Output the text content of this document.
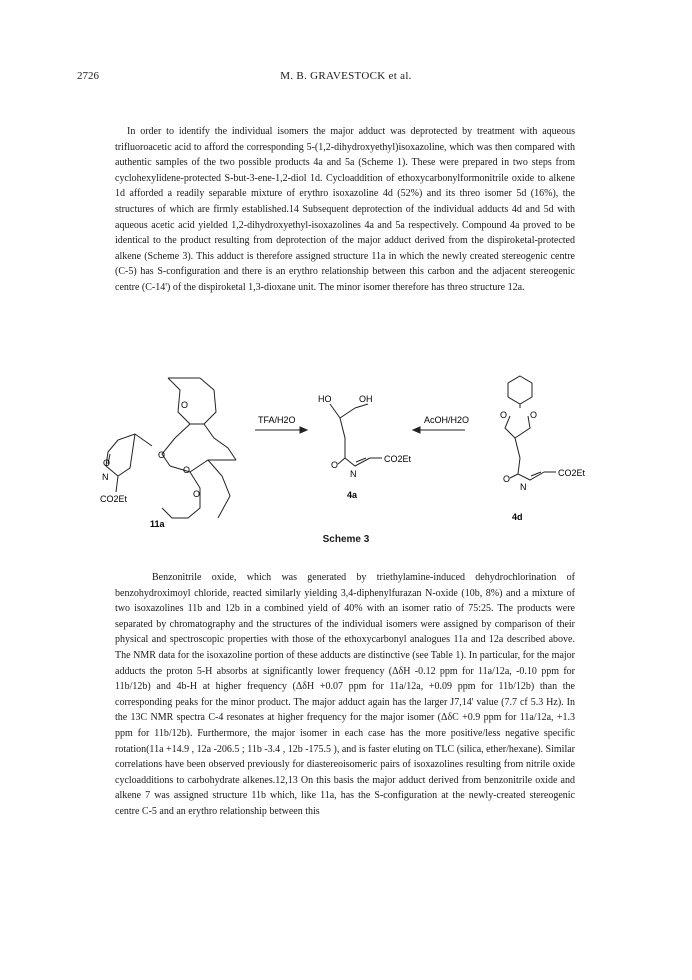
2726	M. B. GRAVESTOCK et al.

In order to identify the individual isomers the major adduct was deprotected by treatment with aqueous trifluoroacetic acid to afford the corresponding 5-(1,2-dihydroxyethyl)isoxazoline, which was then compared with authentic samples of the two possible products 4a and 5a (Scheme 1). These were prepared in two steps from cyclohexylidene-protected S-but-3-ene-1,2-diol 1d. Cycloaddition of ethoxycarbonylformonitrile oxide to alkene 1d afforded a readily separable mixture of erythro isoxazoline 4d (52%) and its threo isomer 5d (16%), the structures of which are firmly established.14 Subsequent deprotection of the individual adducts 4d and 5d with aqueous acetic acid yielded 1,2-dihydroxyethyl-isoxazolines 4a and 5a respectively. Compound 4a proved to be identical to the product resulting from deprotection of the major adduct derived from the dispiroketal-protected alkene (Scheme 3). This adduct is therefore assigned structure 11a in which the newly created stereogenic centre (C-5) has S-configuration and there is an erythro relationship between this carbon and the adjacent stereogenic centre (C-14') of the dispiroketal 1,3-dioxane unit. The minor isomer therefore has threo structure 12a.

O
O
O
O
O
N
CO2Et
TFA/H2O	AcOH/H2O
HO	OH
O
N
CO2Et
O	O
O
N
CO2Et
11a
4a
4d
Scheme 3

Benzonitrile oxide, which was generated by triethylamine-induced dehydrochlorination of benzohydroximoyl chloride, reacted similarly yielding 3,4-diphenylfurazan N-oxide (10b, 8%) and a mixture of two isoxazolines 11b and 12b in a combined yield of 40% with an isomer ratio of 75:25. The products were separated by chromatography and the structures of the individual isomers were assigned by comparison of their physical and spectroscopic properties with those of the ethoxycarbonyl analogues 11a and 12a described above. The NMR data for the isoxazoline portion of these adducts are distinctive (see Table 1). In particular, for the major adducts the proton 5-H absorbs at significantly lower frequency (ΔδH -0.12 ppm for 11a/12a, -0.10 ppm for 11b/12b) and 4b-H at higher frequency (ΔδH +0.07 ppm for 11a/12a, +0.09 ppm for 11b/12b) than the corresponding peaks for the minor product. The major adduct again has the larger J7,14' value (7.7 cf 5.3 Hz). In the 13C NMR spectra C-4 resonates at higher frequency for the major isomer (ΔδC +0.9 ppm for 11a/12a, +1.3 ppm for 11b/12b). Furthermore, the major isomer in each case has the more positive/less negative specific rotation(11a +14.9 , 12a -206.5 ; 11b -3.4 , 12b -175.5 ), and is faster eluting on TLC (silica, ether/hexane). Similar correlations have been observed previously for diastereoisomeric pairs of isoxazolines resulting from nitrile oxide cycloadditions to carbohydrate alkenes.12,13 On this basis the major adduct derived from benzonitrile oxide and alkene 7 was assigned structure 11b which, like 11a, has the S-configuration at the newly-created stereogenic centre C-5 and an erythro relationship between this
